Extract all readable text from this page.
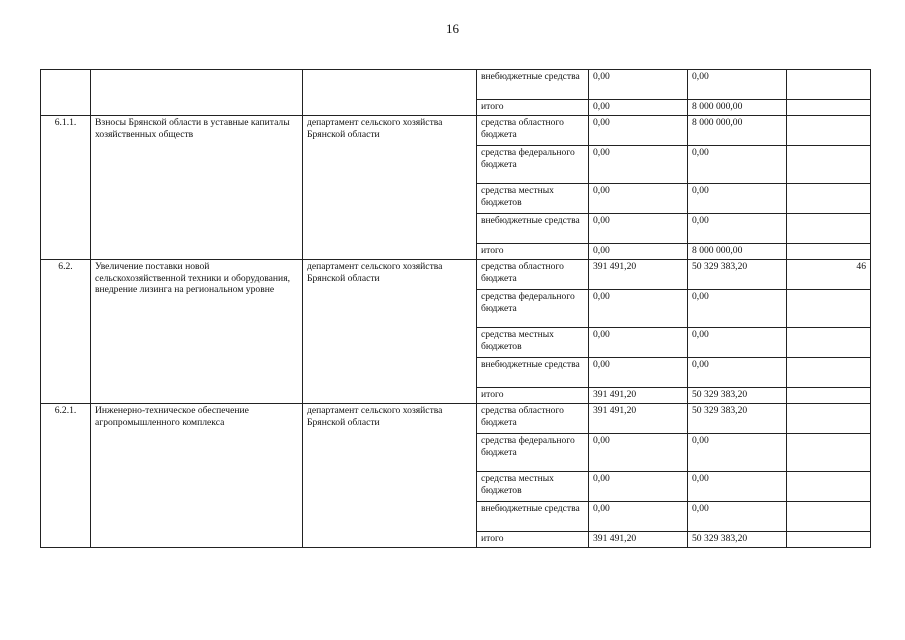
16
			внебюджетные средства	0,00	0,00	
			итого	0,00	8 000 000,00	
6.1.1.	Взносы Брянской области в уставные капиталы хозяйственных обществ	департамент сельского хозяйства Брянской области	средства областного бюджета	0,00	8 000 000,00	
			средства федерального бюджета	0,00	0,00	
			средства местных бюджетов	0,00	0,00	
			внебюджетные средства	0,00	0,00	
			итого	0,00	8 000 000,00	
6.2.	Увеличение поставки новой сельскохозяйственной техники и оборудования, внедрение лизинга на региональном уровне	департамент сельского хозяйства Брянской области	средства областного бюджета	391 491,20	50 329 383,20	46
			средства федерального бюджета	0,00	0,00	
			средства местных бюджетов	0,00	0,00	
			внебюджетные средства	0,00	0,00	
			итого	391 491,20	50 329 383,20	
6.2.1.	Инженерно-техническое обеспечение агропромышленного комплекса	департамент сельского хозяйства Брянской области	средства областного бюджета	391 491,20	50 329 383,20	
			средства федерального бюджета	0,00	0,00	
			средства местных бюджетов	0,00	0,00	
			внебюджетные средства	0,00	0,00	
			итого	391 491,20	50 329 383,20	
